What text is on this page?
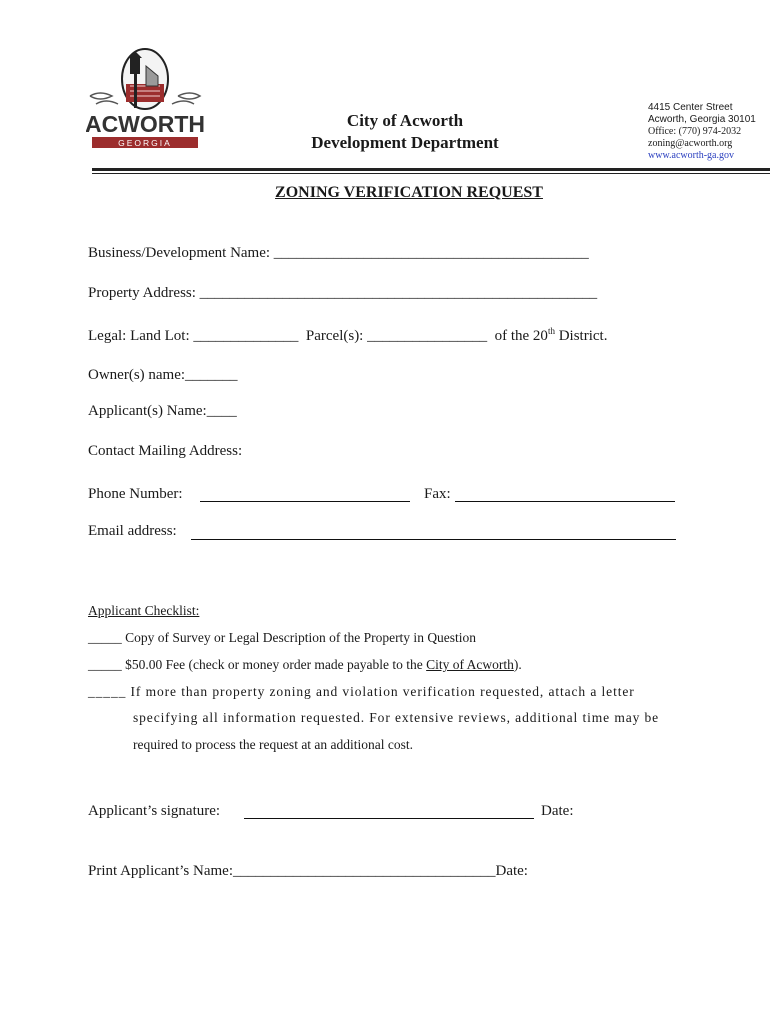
ACWORTH
GEORGIA
City of Acworth
Development Department
4415 Center Street
Acworth, Georgia 30101
Office: (770) 974-2032
zoning@acworth.org
www.acworth-ga.gov
ZONING VERIFICATION REQUEST
Business/Development Name: __________________________________________
Property Address: _____________________________________________________
Legal: Land Lot: ______________  Parcel(s): ________________  of the 20th District.
Owner(s) name:_______
Applicant(s) Name:____
Contact Mailing Address:
Phone Number:	Fax:
Email address:
Applicant Checklist:
_____ Copy of Survey or Legal Description of the Property in Question
_____ $50.00 Fee (check or money order made payable to the City of Acworth).
_____ If more than property zoning and violation verification requested, attach a letter
specifying all information requested. For extensive reviews, additional time may be
required to process the request at an additional cost.
Applicant’s signature:	Date:
Print Applicant’s Name:___________________________________Date:
